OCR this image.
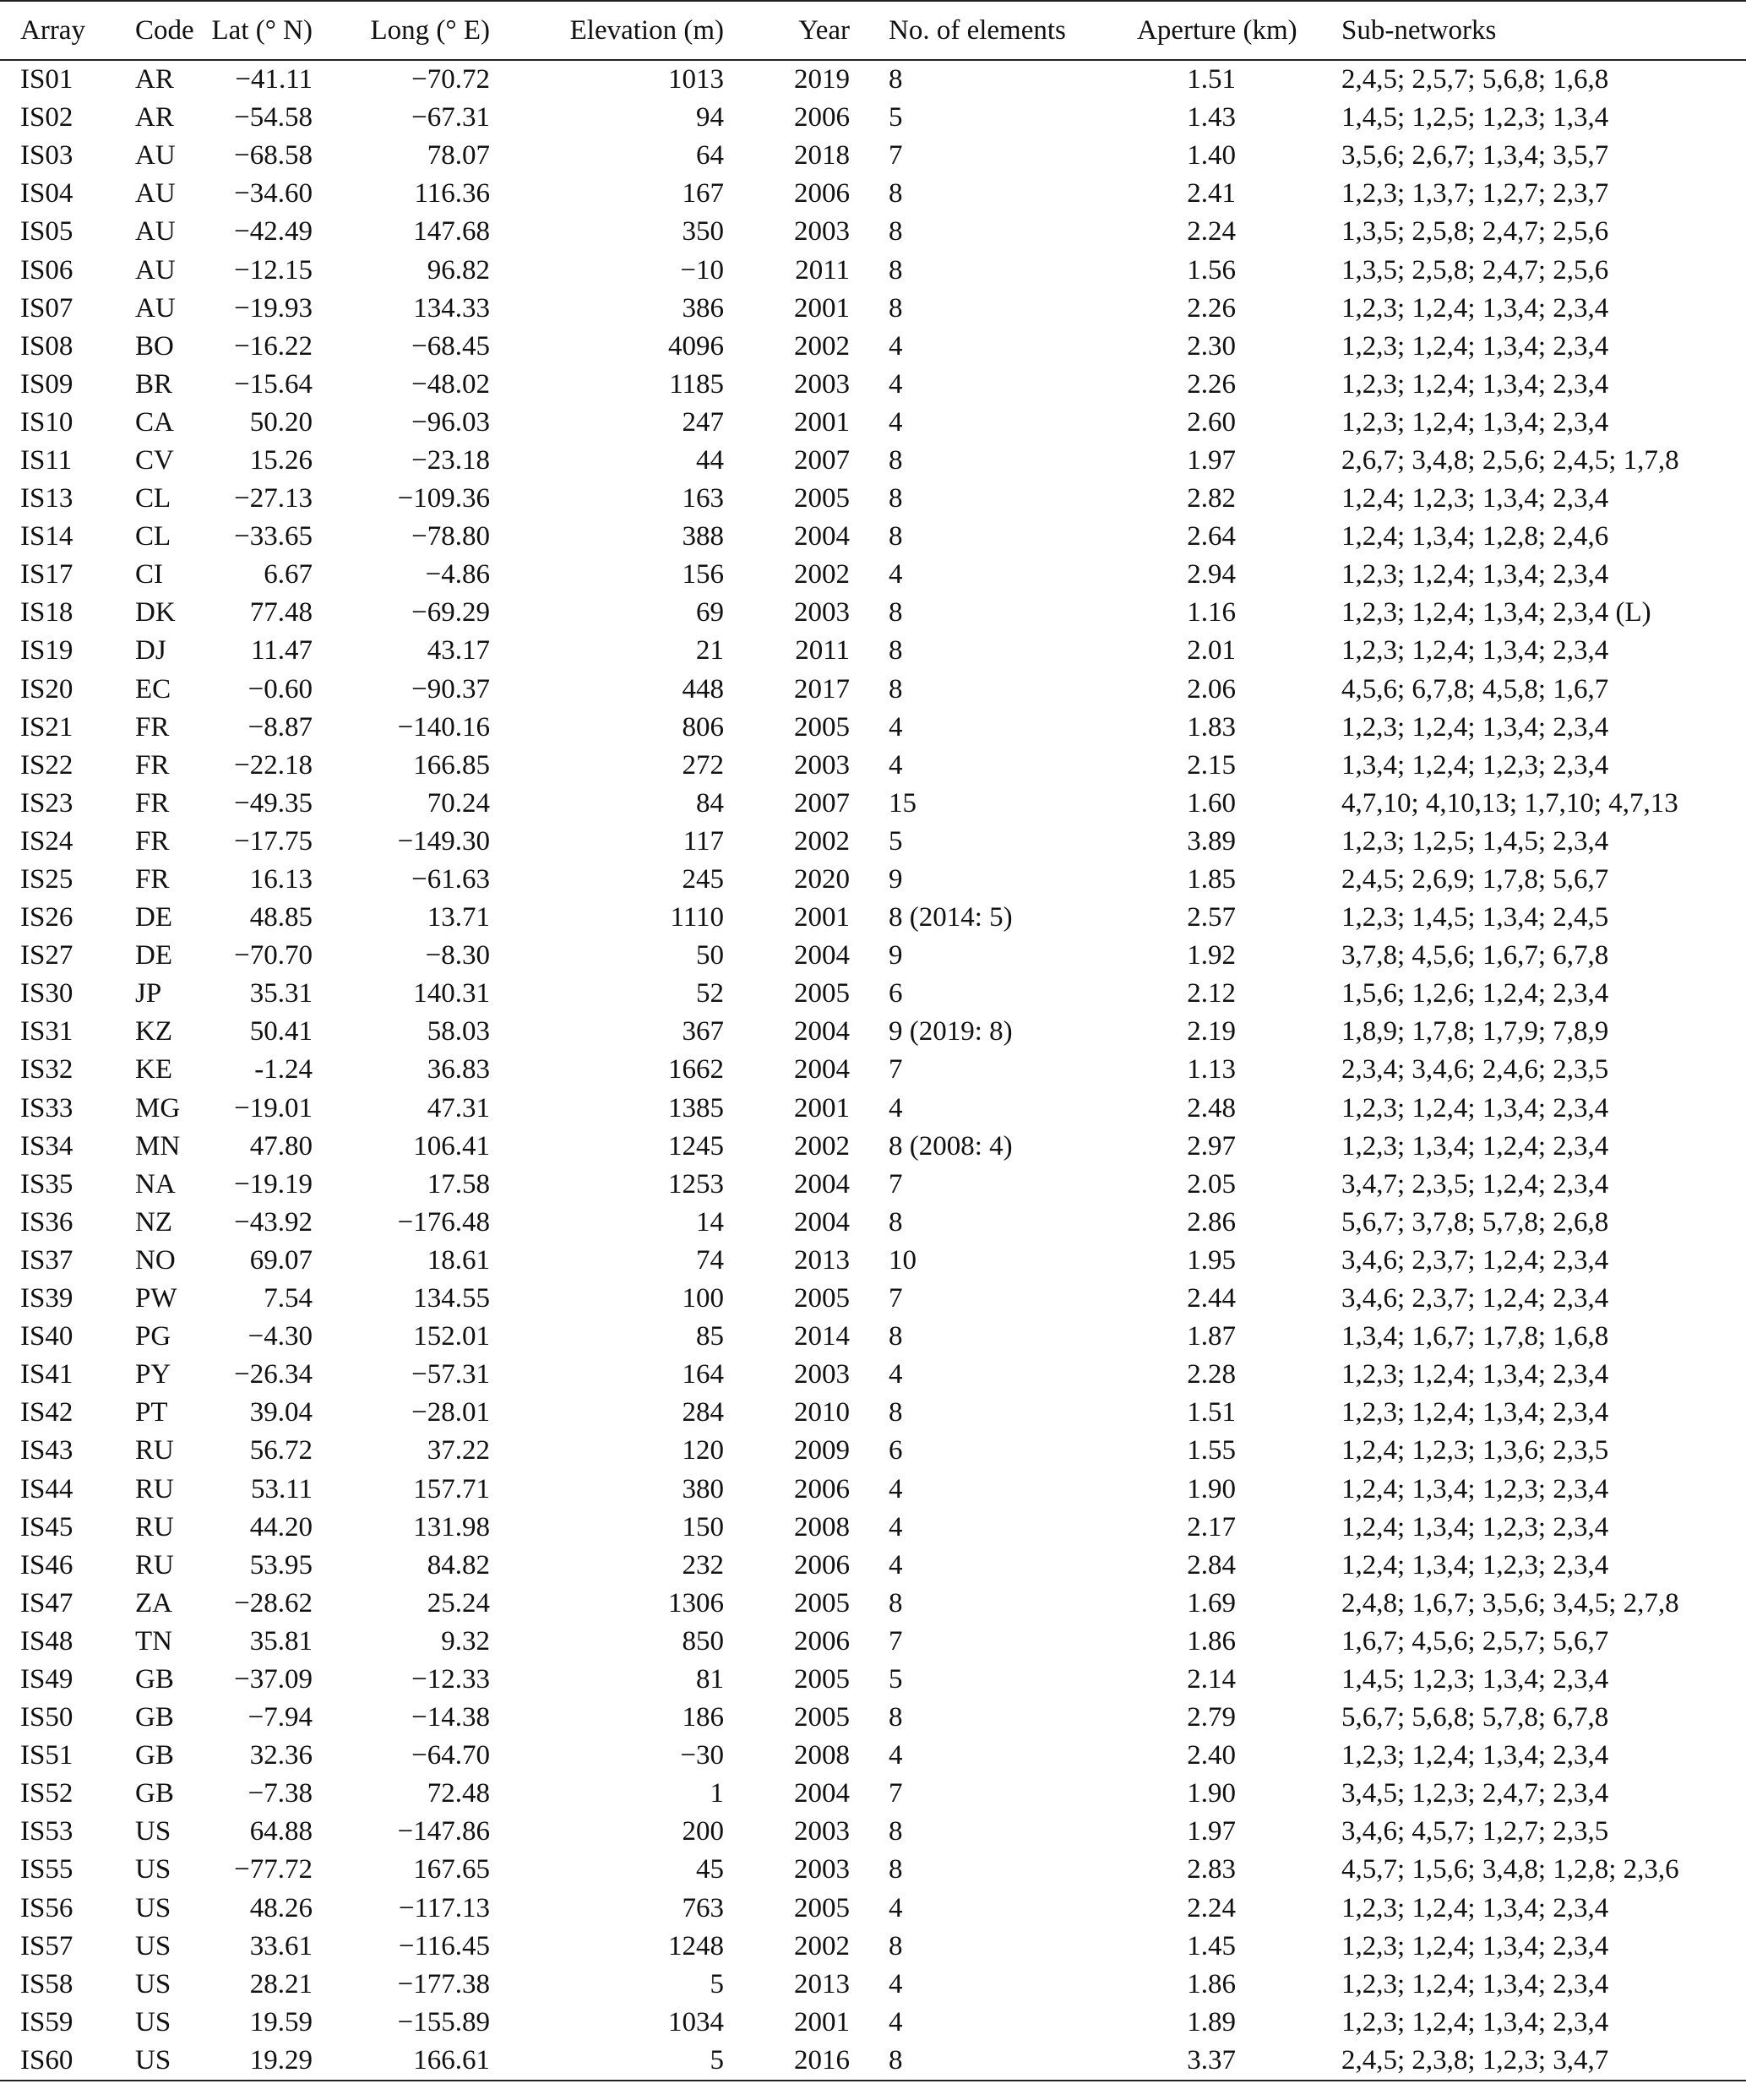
Array	Code	Lat (° N)	Long (° E)	Elevation (m)	Year	No. of elements	Aperture (km)	Sub-networks
IS01	AR	−41.11	−70.72	1013	2019	8	1.51	2,4,5; 2,5,7; 5,6,8; 1,6,8
IS02	AR	−54.58	−67.31	94	2006	5	1.43	1,4,5; 1,2,5; 1,2,3; 1,3,4
IS03	AU	−68.58	78.07	64	2018	7	1.40	3,5,6; 2,6,7; 1,3,4; 3,5,7
IS04	AU	−34.60	116.36	167	2006	8	2.41	1,2,3; 1,3,7; 1,2,7; 2,3,7
IS05	AU	−42.49	147.68	350	2003	8	2.24	1,3,5; 2,5,8; 2,4,7; 2,5,6
IS06	AU	−12.15	96.82	−10	2011	8	1.56	1,3,5; 2,5,8; 2,4,7; 2,5,6
IS07	AU	−19.93	134.33	386	2001	8	2.26	1,2,3; 1,2,4; 1,3,4; 2,3,4
IS08	BO	−16.22	−68.45	4096	2002	4	2.30	1,2,3; 1,2,4; 1,3,4; 2,3,4
IS09	BR	−15.64	−48.02	1185	2003	4	2.26	1,2,3; 1,2,4; 1,3,4; 2,3,4
IS10	CA	50.20	−96.03	247	2001	4	2.60	1,2,3; 1,2,4; 1,3,4; 2,3,4
IS11	CV	15.26	−23.18	44	2007	8	1.97	2,6,7; 3,4,8; 2,5,6; 2,4,5; 1,7,8
IS13	CL	−27.13	−109.36	163	2005	8	2.82	1,2,4; 1,2,3; 1,3,4; 2,3,4
IS14	CL	−33.65	−78.80	388	2004	8	2.64	1,2,4; 1,3,4; 1,2,8; 2,4,6
IS17	CI	6.67	−4.86	156	2002	4	2.94	1,2,3; 1,2,4; 1,3,4; 2,3,4
IS18	DK	77.48	−69.29	69	2003	8	1.16	1,2,3; 1,2,4; 1,3,4; 2,3,4 (L)
IS19	DJ	11.47	43.17	21	2011	8	2.01	1,2,3; 1,2,4; 1,3,4; 2,3,4
IS20	EC	−0.60	−90.37	448	2017	8	2.06	4,5,6; 6,7,8; 4,5,8; 1,6,7
IS21	FR	−8.87	−140.16	806	2005	4	1.83	1,2,3; 1,2,4; 1,3,4; 2,3,4
IS22	FR	−22.18	166.85	272	2003	4	2.15	1,3,4; 1,2,4; 1,2,3; 2,3,4
IS23	FR	−49.35	70.24	84	2007	15	1.60	4,7,10; 4,10,13; 1,7,10; 4,7,13
IS24	FR	−17.75	−149.30	117	2002	5	3.89	1,2,3; 1,2,5; 1,4,5; 2,3,4
IS25	FR	16.13	−61.63	245	2020	9	1.85	2,4,5; 2,6,9; 1,7,8; 5,6,7
IS26	DE	48.85	13.71	1110	2001	8 (2014: 5)	2.57	1,2,3; 1,4,5; 1,3,4; 2,4,5
IS27	DE	−70.70	−8.30	50	2004	9	1.92	3,7,8; 4,5,6; 1,6,7; 6,7,8
IS30	JP	35.31	140.31	52	2005	6	2.12	1,5,6; 1,2,6; 1,2,4; 2,3,4
IS31	KZ	50.41	58.03	367	2004	9 (2019: 8)	2.19	1,8,9; 1,7,8; 1,7,9; 7,8,9
IS32	KE	-1.24	36.83	1662	2004	7	1.13	2,3,4; 3,4,6; 2,4,6; 2,3,5
IS33	MG	−19.01	47.31	1385	2001	4	2.48	1,2,3; 1,2,4; 1,3,4; 2,3,4
IS34	MN	47.80	106.41	1245	2002	8 (2008: 4)	2.97	1,2,3; 1,3,4; 1,2,4; 2,3,4
IS35	NA	−19.19	17.58	1253	2004	7	2.05	3,4,7; 2,3,5; 1,2,4; 2,3,4
IS36	NZ	−43.92	−176.48	14	2004	8	2.86	5,6,7; 3,7,8; 5,7,8; 2,6,8
IS37	NO	69.07	18.61	74	2013	10	1.95	3,4,6; 2,3,7; 1,2,4; 2,3,4
IS39	PW	7.54	134.55	100	2005	7	2.44	3,4,6; 2,3,7; 1,2,4; 2,3,4
IS40	PG	−4.30	152.01	85	2014	8	1.87	1,3,4; 1,6,7; 1,7,8; 1,6,8
IS41	PY	−26.34	−57.31	164	2003	4	2.28	1,2,3; 1,2,4; 1,3,4; 2,3,4
IS42	PT	39.04	−28.01	284	2010	8	1.51	1,2,3; 1,2,4; 1,3,4; 2,3,4
IS43	RU	56.72	37.22	120	2009	6	1.55	1,2,4; 1,2,3; 1,3,6; 2,3,5
IS44	RU	53.11	157.71	380	2006	4	1.90	1,2,4; 1,3,4; 1,2,3; 2,3,4
IS45	RU	44.20	131.98	150	2008	4	2.17	1,2,4; 1,3,4; 1,2,3; 2,3,4
IS46	RU	53.95	84.82	232	2006	4	2.84	1,2,4; 1,3,4; 1,2,3; 2,3,4
IS47	ZA	−28.62	25.24	1306	2005	8	1.69	2,4,8; 1,6,7; 3,5,6; 3,4,5; 2,7,8
IS48	TN	35.81	9.32	850	2006	7	1.86	1,6,7; 4,5,6; 2,5,7; 5,6,7
IS49	GB	−37.09	−12.33	81	2005	5	2.14	1,4,5; 1,2,3; 1,3,4; 2,3,4
IS50	GB	−7.94	−14.38	186	2005	8	2.79	5,6,7; 5,6,8; 5,7,8; 6,7,8
IS51	GB	32.36	−64.70	−30	2008	4	2.40	1,2,3; 1,2,4; 1,3,4; 2,3,4
IS52	GB	−7.38	72.48	1	2004	7	1.90	3,4,5; 1,2,3; 2,4,7; 2,3,4
IS53	US	64.88	−147.86	200	2003	8	1.97	3,4,6; 4,5,7; 1,2,7; 2,3,5
IS55	US	−77.72	167.65	45	2003	8	2.83	4,5,7; 1,5,6; 3,4,8; 1,2,8; 2,3,6
IS56	US	48.26	−117.13	763	2005	4	2.24	1,2,3; 1,2,4; 1,3,4; 2,3,4
IS57	US	33.61	−116.45	1248	2002	8	1.45	1,2,3; 1,2,4; 1,3,4; 2,3,4
IS58	US	28.21	−177.38	5	2013	4	1.86	1,2,3; 1,2,4; 1,3,4; 2,3,4
IS59	US	19.59	−155.89	1034	2001	4	1.89	1,2,3; 1,2,4; 1,3,4; 2,3,4
IS60	US	19.29	166.61	5	2016	8	3.37	2,4,5; 2,3,8; 1,2,3; 3,4,7
